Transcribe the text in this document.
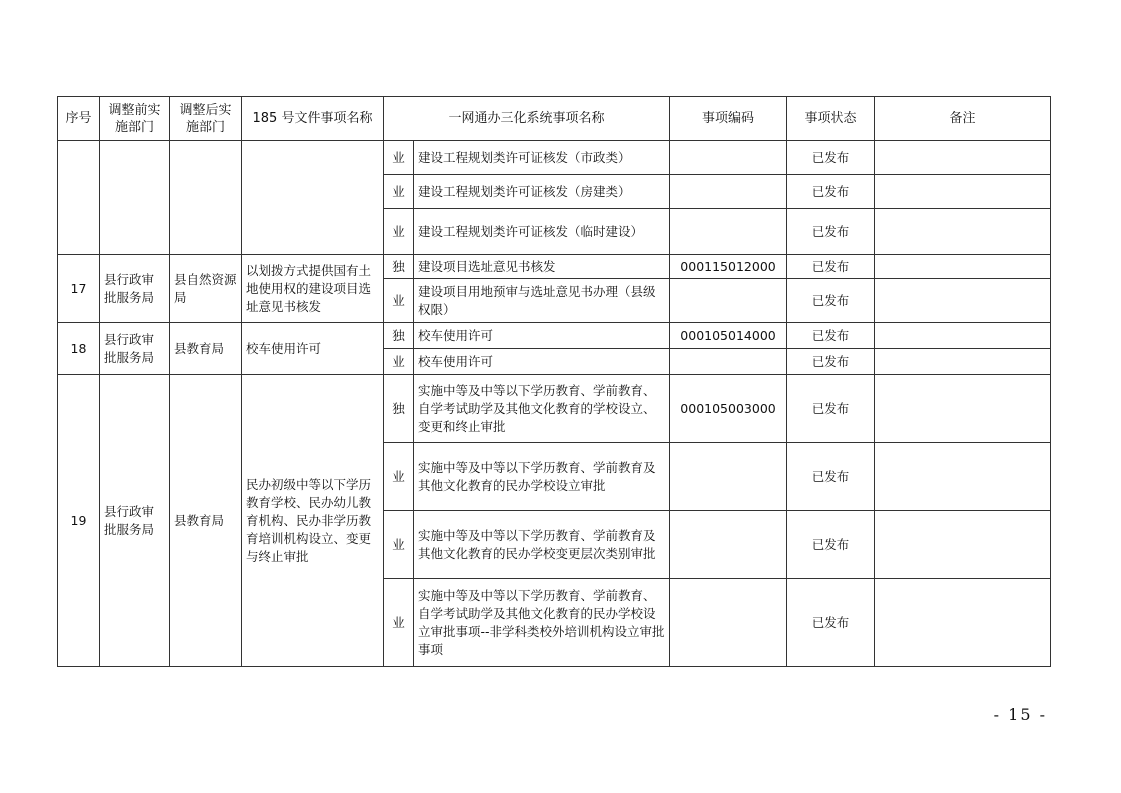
序号	调整前实施部门	调整后实施部门	185 号文件事项名称	一网通办三化系统事项名称		事项编码	事项状态	备注
				业	建设工程规划类许可证核发（市政类）		已发布	
				业	建设工程规划类许可证核发（房建类）		已发布	
				业	建设工程规划类许可证核发（临时建设）		已发布	
17	县行政审批服务局	县自然资源局	以划拨方式提供国有土地使用权的建设项目选址意见书核发	独	建设项目选址意见书核发	000115012000	已发布	
				业	建设项目用地预审与选址意见书办理（县级权限）		已发布	
18	县行政审批服务局	县教育局	校车使用许可	独	校车使用许可	000105014000	已发布	
				业	校车使用许可		已发布	
19	县行政审批服务局	县教育局	民办初级中等以下学历教育学校、民办幼儿教育机构、民办非学历教育培训机构设立、变更与终止审批	独	实施中等及中等以下学历教育、学前教育、自学考试助学及其他文化教育的学校设立、变更和终止审批	000105003000	已发布	
				业	实施中等及中等以下学历教育、学前教育及其他文化教育的民办学校设立审批		已发布	
				业	实施中等及中等以下学历教育、学前教育及其他文化教育的民办学校变更层次类别审批		已发布	
				业	实施中等及中等以下学历教育、学前教育、自学考试助学及其他文化教育的民办学校设立审批事项--非学科类校外培训机构设立审批事项		已发布	
- 15 -
